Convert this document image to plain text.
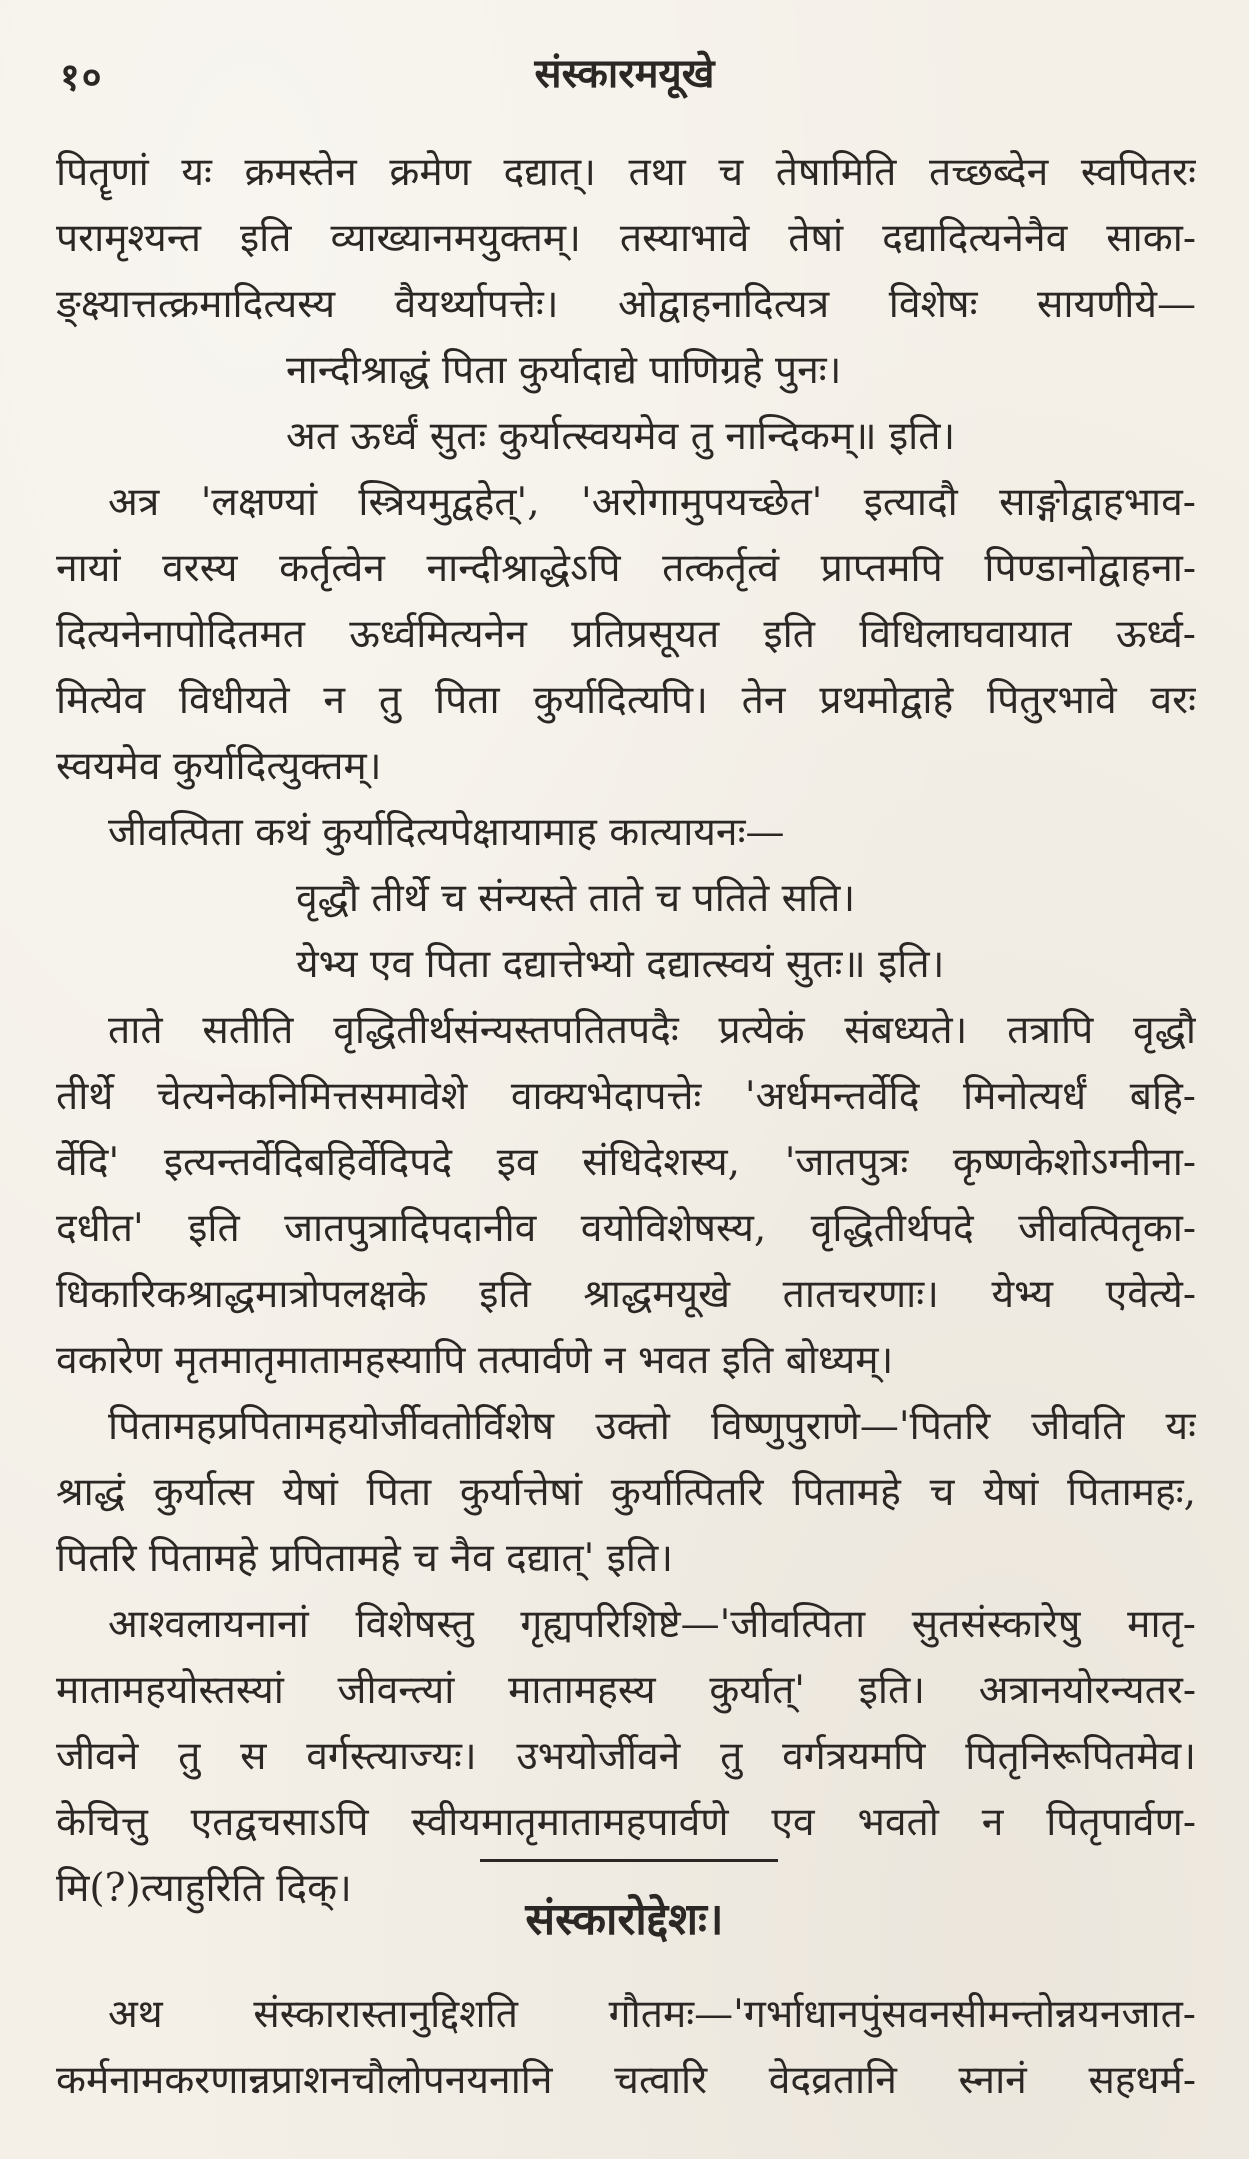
१०	संस्कारमयूखे
पितॄणां यः क्रमस्तेन क्रमेण दद्यात्। तथा च तेषामिति तच्छब्देन स्वपितरः
परामृश्यन्त इति व्याख्यानमयुक्तम्। तस्याभावे तेषां दद्यादित्यनेनैव साका-
ङ्क्ष्यात्तत्क्रमादित्यस्य वैयर्थ्यापत्तेः। ओद्वाहनादित्यत्र विशेषः सायणीये—
नान्दीश्राद्धं पिता कुर्यादाद्ये पाणिग्रहे पुनः।
अत ऊर्ध्वं सुतः कुर्यात्स्वयमेव तु नान्दिकम्॥ इति।
अत्र 'लक्षण्यां स्त्रियमुद्वहेत्', 'अरोगामुपयच्छेत' इत्यादौ साङ्गोद्वाहभाव-
नायां वरस्य कर्तृत्वेन नान्दीश्राद्धेऽपि तत्कर्तृत्वं प्राप्तमपि पिण्डानोद्वाहना-
दित्यनेनापोदितमत ऊर्ध्वमित्यनेन प्रतिप्रसूयत इति विधिलाघवायात ऊर्ध्व-
मित्येव विधीयते न तु पिता कुर्यादित्यपि। तेन प्रथमोद्वाहे पितुरभावे वरः
स्वयमेव कुर्यादित्युक्तम्।
जीवत्पिता कथं कुर्यादित्यपेक्षायामाह कात्यायनः—
वृद्धौ तीर्थे च संन्यस्ते ताते च पतिते सति।
येभ्य एव पिता दद्यात्तेभ्यो दद्यात्स्वयं सुतः॥ इति।
ताते सतीति वृद्धितीर्थसंन्यस्तपतितपदैः प्रत्येकं संबध्यते। तत्रापि वृद्धौ
तीर्थे चेत्यनेकनिमित्तसमावेशे वाक्यभेदापत्तेः 'अर्धमन्तर्वेदि मिनोत्यर्धं बहि-
र्वेदि' इत्यन्तर्वेदिबहिर्वेदिपदे इव संधिदेशस्य, 'जातपुत्रः कृष्णकेशोऽग्नीना-
दधीत' इति जातपुत्रादिपदानीव वयोविशेषस्य, वृद्धितीर्थपदे जीवत्पितृका-
धिकारिकश्राद्धमात्रोपलक्षके इति श्राद्धमयूखे तातचरणाः। येभ्य एवेत्ये-
वकारेण मृतमातृमातामहस्यापि तत्पार्वणे न भवत इति बोध्यम्।
पितामहप्रपितामहयोर्जीवतोर्विशेष उक्तो विष्णुपुराणे—'पितरि जीवति यः
श्राद्धं कुर्यात्स येषां पिता कुर्यात्तेषां कुर्यात्पितरि पितामहे च येषां पितामहः,
पितरि पितामहे प्रपितामहे च नैव दद्यात्' इति।
आश्वलायनानां विशेषस्तु गृह्यपरिशिष्टे—'जीवत्पिता सुतसंस्कारेषु मातृ-
मातामहयोस्तस्यां जीवन्त्यां मातामहस्य कुर्यात्' इति। अत्रानयोरन्यतर-
जीवने तु स वर्गस्त्याज्यः। उभयोर्जीवने तु वर्गत्रयमपि पितृनिरूपितमेव।
केचित्तु एतद्वचसाऽपि स्वीयमातृमातामहपार्वणे एव भवतो न पितृपार्वण-
मि(?)त्याहुरिति दिक्।
संस्कारोद्देशः।
अथ संस्कारास्तानुद्दिशति गौतमः—'गर्भाधानपुंसवनसीमन्तोन्नयनजात-
कर्मनामकरणान्नप्राशनचौलोपनयनानि चत्वारि वेदव्रतानि स्नानं सहधर्म-
